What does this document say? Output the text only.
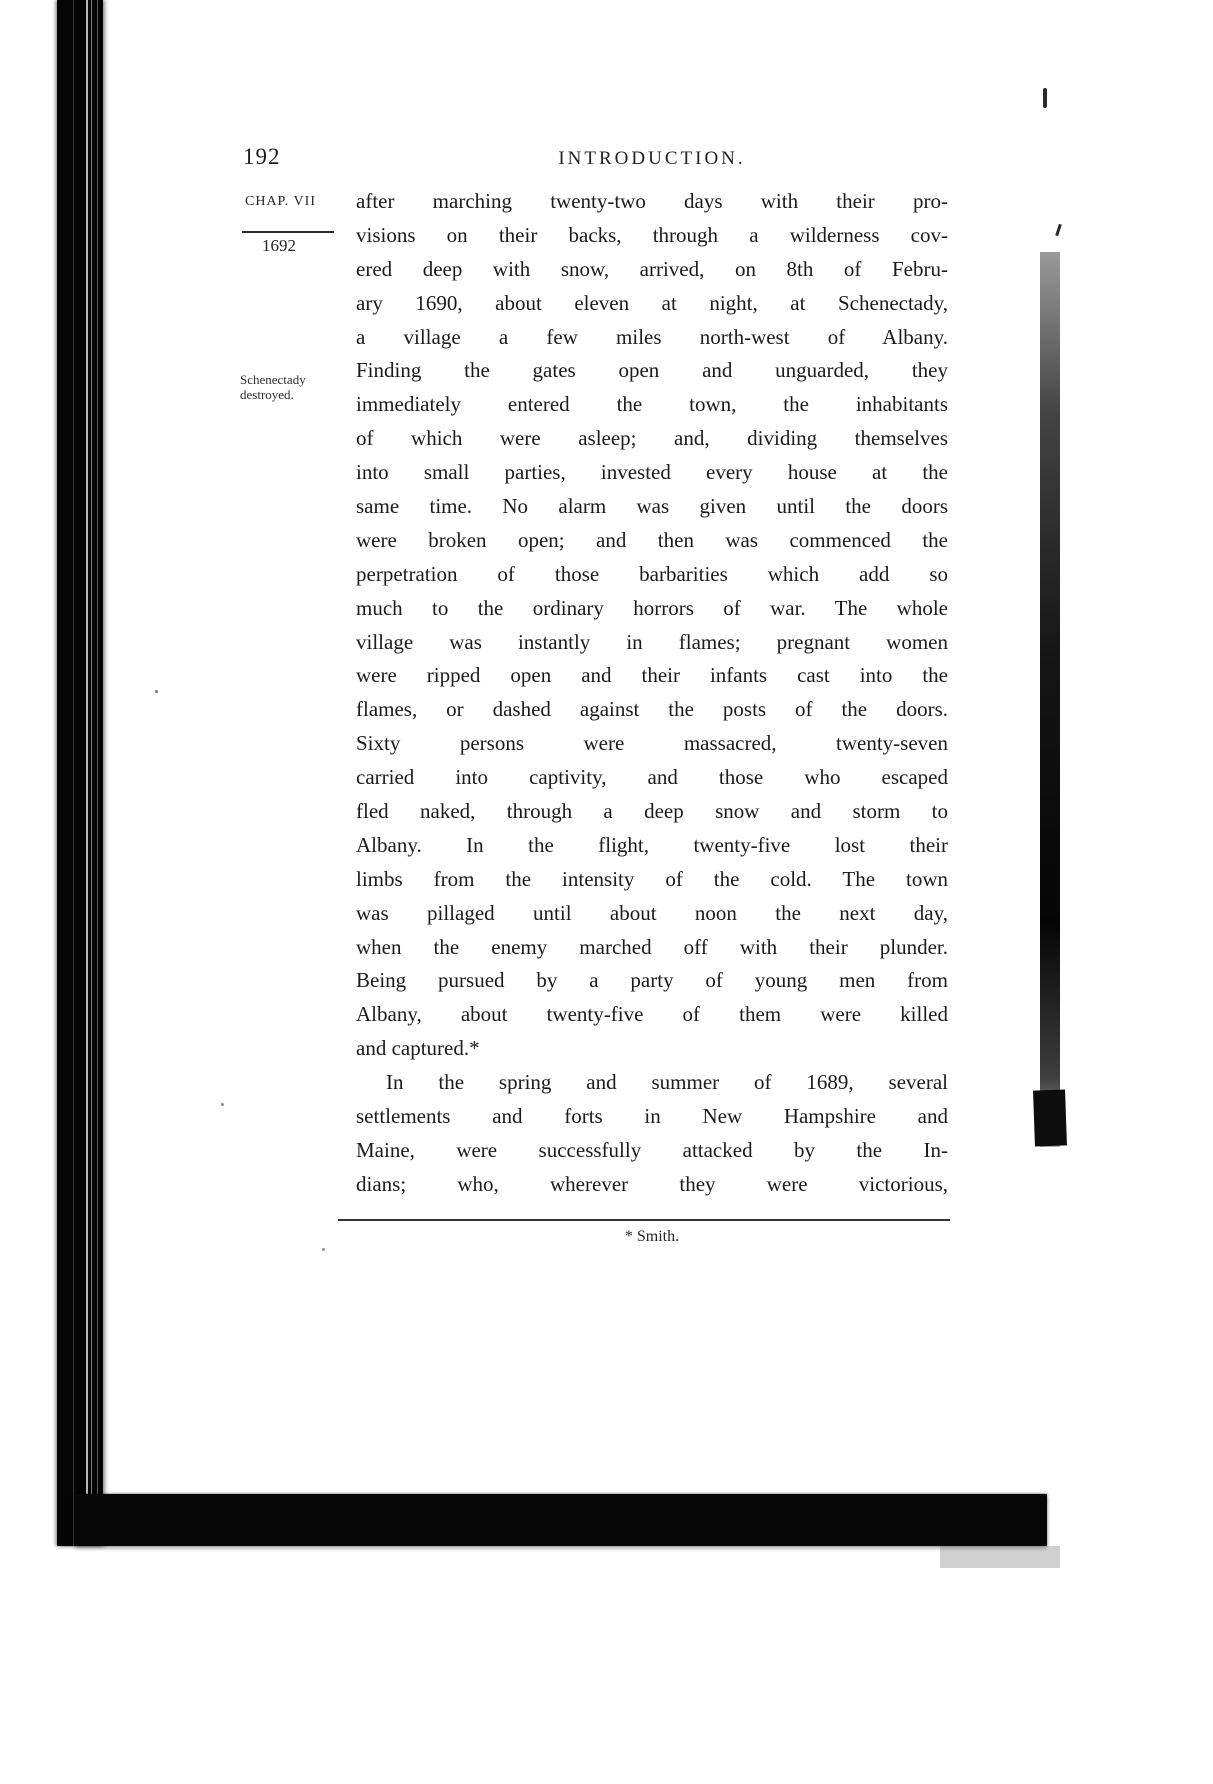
192	INTRODUCTION.
CHAP. VII
1692
Schenectady
destroyed.
after marching twenty-two days with their pro-
visions on their backs, through a wilderness cov-
ered deep with snow, arrived, on 8th of Febru-
ary 1690, about eleven at night, at Schenectady,
a village a few miles north-west of Albany.
Finding the gates open and unguarded, they
immediately entered the town, the inhabitants
of which were asleep; and, dividing themselves
into small parties, invested every house at the
same time. No alarm was given until the doors
were broken open; and then was commenced the
perpetration of those barbarities which add so
much to the ordinary horrors of war. The whole
village was instantly in flames; pregnant women
were ripped open and their infants cast into the
flames, or dashed against the posts of the doors.
Sixty persons were massacred, twenty-seven
carried into captivity, and those who escaped
fled naked, through a deep snow and storm to
Albany. In the flight, twenty-five lost their
limbs from the intensity of the cold. The town
was pillaged until about noon the next day,
when the enemy marched off with their plunder.
Being pursued by a party of young men from
Albany, about twenty-five of them were killed
and captured.*
In the spring and summer of 1689, several
settlements and forts in New Hampshire and
Maine, were successfully attacked by the In-
dians; who, wherever they were victorious,
* Smith.
